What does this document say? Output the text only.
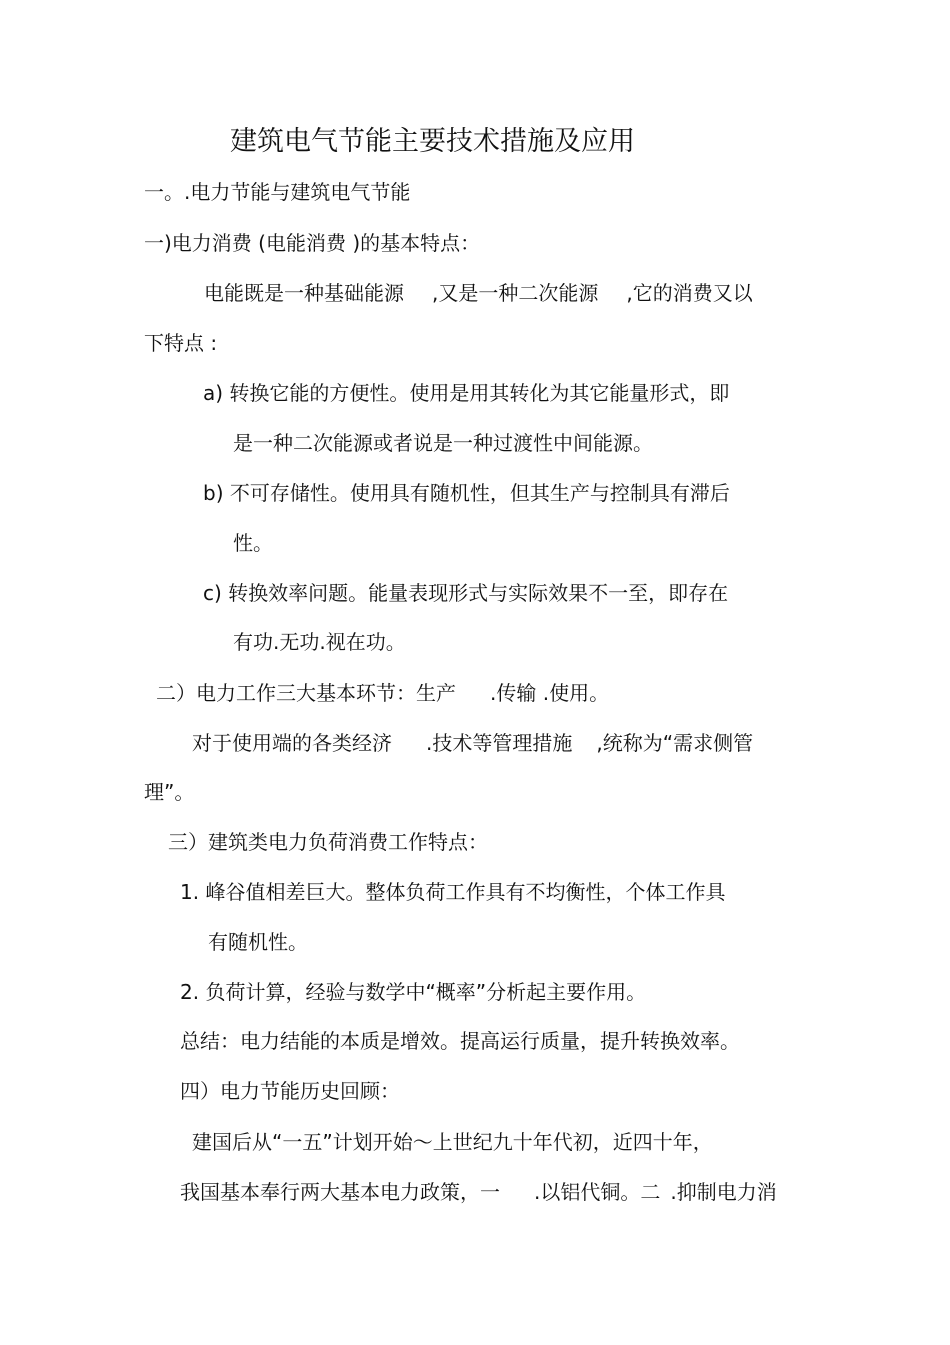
建筑电气节能主要技术措施及应用
一。.电力节能与建筑电气节能
一)电力消费 (电能消费 )的基本特点：
电能既是一种基础能源 ,又是一种二次能源 ,它的消费又以
下特点 :
a) 转换它能的方便性。使用是用其转化为其它能量形式，即
是一种二次能源或者说是一种过渡性中间能源。
b) 不可存储性。使用具有随机性，但其生产与控制具有滞后
性。
c) 转换效率问题。能量表现形式与实际效果不一至，即存在
有功.无功.视在功。
二）电力工作三大基本环节：生产 .传输 .使用。
对于使用端的各类经济 .技术等管理措施 ,统称为“需求侧管
理”。
三）建筑类电力负荷消费工作特点：
1. 峰谷值相差巨大。整体负荷工作具有不均衡性，个体工作具
有随机性。
2. 负荷计算，经验与数学中“概率”分析起主要作用。
总结：电力结能的本质是增效。提高运行质量，提升转换效率。
四）电力节能历史回顾：
建国后从“一五”计划开始～上世纪九十年代初，近四十年，
我国基本奉行两大基本电力政策，一 .以铝代铜。二 .抑制电力消
